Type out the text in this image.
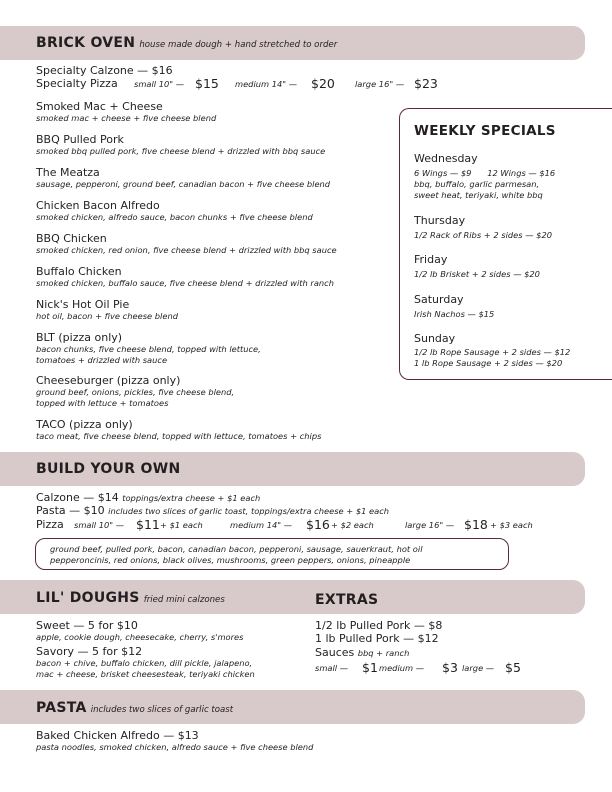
BRICK OVEN house made dough + hand stretched to order
Specialty Calzone — $16
Specialty Pizza small 10" — $15 medium 14" — $20 large 16" — $23
Smoked Mac + Cheese
smoked mac + cheese + five cheese blend
BBQ Pulled Pork
smoked bbq pulled pork, five cheese blend + drizzled with bbq sauce
The Meatza
sausage, pepperoni, ground beef, canadian bacon + five cheese blend
Chicken Bacon Alfredo
smoked chicken, alfredo sauce, bacon chunks + five cheese blend
BBQ Chicken
smoked chicken, red onion, five cheese blend + drizzled with bbq sauce
Buffalo Chicken
smoked chicken, buffalo sauce, five cheese blend + drizzled with ranch
Nick's Hot Oil Pie
hot oil, bacon + five cheese blend
BLT (pizza only)
bacon chunks, five cheese blend, topped with lettuce,
tomatoes + drizzled with sauce
Cheeseburger (pizza only)
ground beef, onions, pickles, five cheese blend,
topped with lettuce + tomatoes
TACO (pizza only)
taco meat, five cheese blend, topped with lettuce, tomatoes + chips
WEEKLY SPECIALS
Wednesday
6 Wings — $9      12 Wings — $16
bbq, buffalo, garlic parmesan,
sweet heat, teriyaki, white bbq
Thursday
1/2 Rack of Ribs + 2 sides — $20
Friday
1/2 lb Brisket + 2 sides — $20
Saturday
Irish Nachos — $15
Sunday
1/2 lb Rope Sausage + 2 sides — $12
1 lb Rope Sausage + 2 sides — $20
BUILD YOUR OWN
Calzone — $14 toppings/extra cheese + $1 each
Pasta — $10 includes two slices of garlic toast, toppings/extra cheese + $1 each
Pizza small 10" — $11 + $1 each	medium 14" — $16 + $2 each	large 16" — $18 + $3 each
ground beef, pulled pork, bacon, canadian bacon, pepperoni, sausage, sauerkraut, hot oil
pepperoncinis, red onions, black olives, mushrooms, green peppers, onions, pineapple
LIL' DOUGHS fried mini calzones	EXTRAS
Sweet — 5 for $10
apple, cookie dough, cheesecake, cherry, s'mores
Savory — 5 for $12
bacon + chive, buffalo chicken, dill pickle, jalapeno,
mac + cheese, brisket cheesesteak, teriyaki chicken
1/2 lb Pulled Pork — $8
1 lb Pulled Pork — $12
Sauces bbq + ranch
small — $1 medium — $3 large — $5
PASTA includes two slices of garlic toast
Baked Chicken Alfredo — $13
pasta noodles, smoked chicken, alfredo sauce + five cheese blend
